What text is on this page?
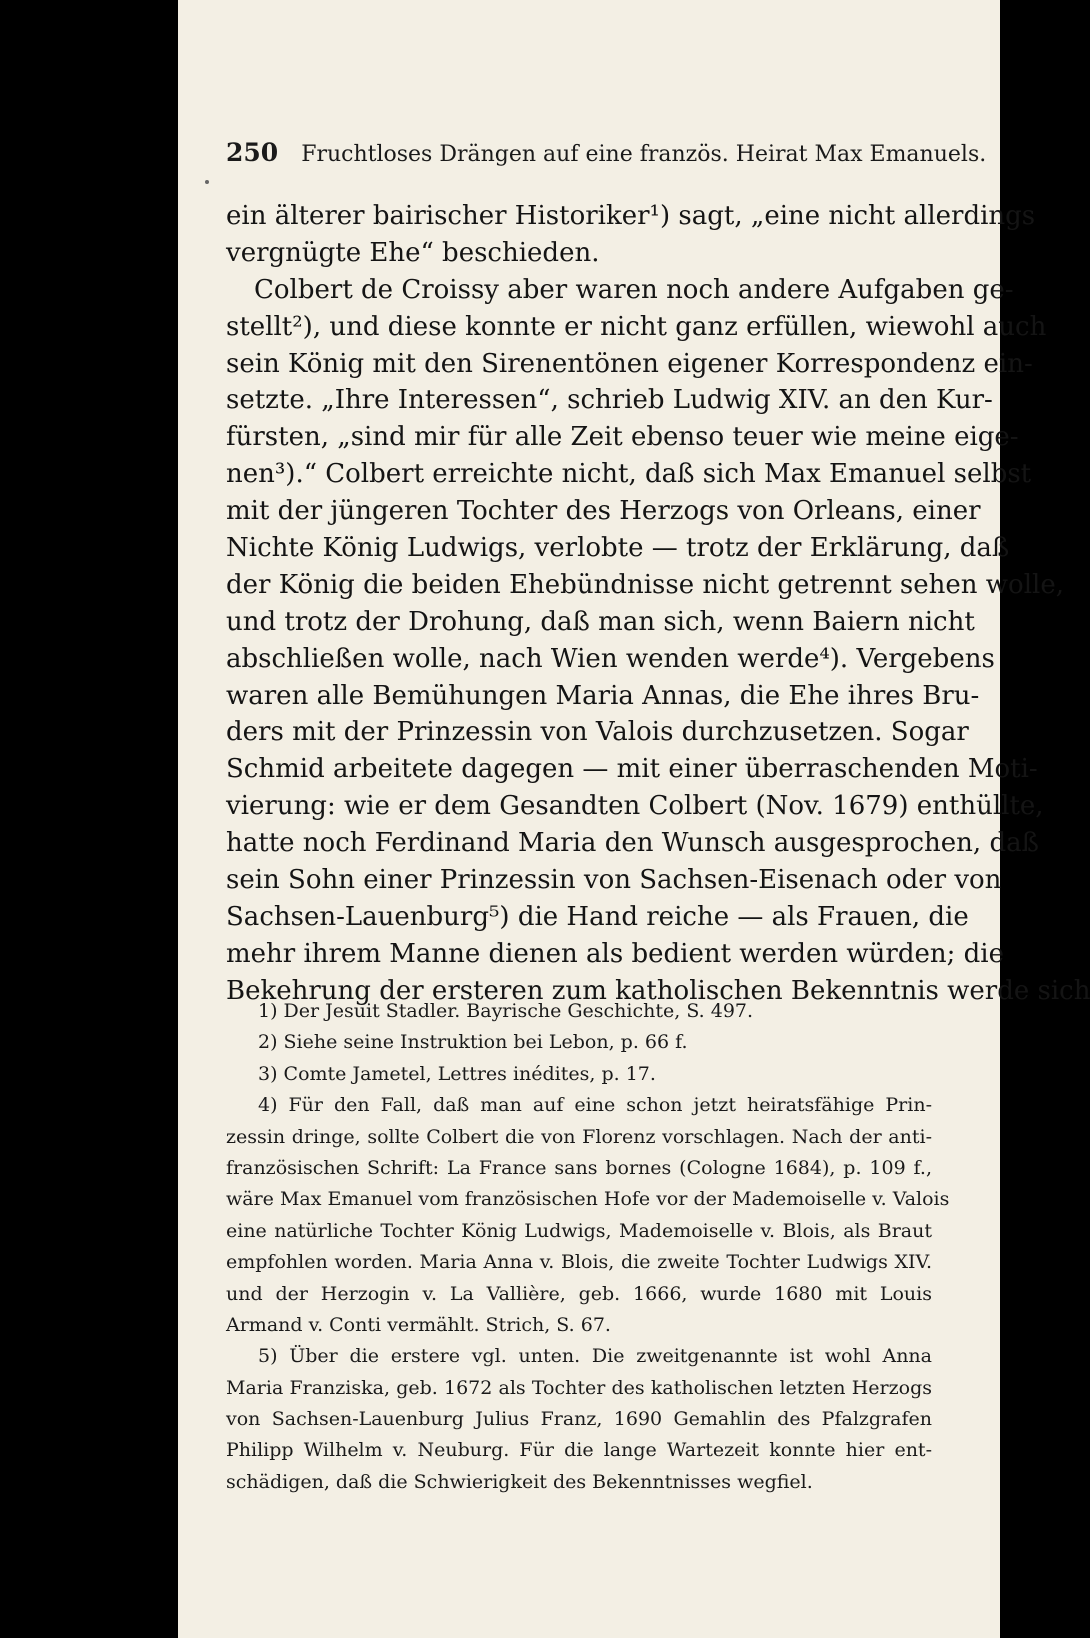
250 Fruchtloses Drängen auf eine französ. Heirat Max Emanuels.
ein älterer bairischer Historiker¹) sagt, „eine nicht allerdings
vergnügte Ehe“ beschieden.
Colbert de Croissy aber waren noch andere Aufgaben ge-
stellt²), und diese konnte er nicht ganz erfüllen, wiewohl auch
sein König mit den Sirenentönen eigener Korrespondenz ein-
setzte. „Ihre Interessen“, schrieb Ludwig XIV. an den Kur-
fürsten, „sind mir für alle Zeit ebenso teuer wie meine eige-
nen³).“ Colbert erreichte nicht, daß sich Max Emanuel selbst
mit der jüngeren Tochter des Herzogs von Orleans, einer
Nichte König Ludwigs, verlobte — trotz der Erklärung, daß
der König die beiden Ehebündnisse nicht getrennt sehen wolle,
und trotz der Drohung, daß man sich, wenn Baiern nicht
abschließen wolle, nach Wien wenden werde⁴). Vergebens
waren alle Bemühungen Maria Annas, die Ehe ihres Bru-
ders mit der Prinzessin von Valois durchzusetzen. Sogar
Schmid arbeitete dagegen — mit einer überraschenden Moti-
vierung: wie er dem Gesandten Colbert (Nov. 1679) enthüllte,
hatte noch Ferdinand Maria den Wunsch ausgesprochen, daß
sein Sohn einer Prinzessin von Sachsen-Eisenach oder von
Sachsen-Lauenburg⁵) die Hand reiche — als Frauen, die
mehr ihrem Manne dienen als bedient werden würden; die
Bekehrung der ersteren zum katholischen Bekenntnis werde sich
1) Der Jesuit Stadler. Bayrische Geschichte, S. 497.
2) Siehe seine Instruktion bei Lebon, p. 66 f.
3) Comte Jametel, Lettres inédites, p. 17.
4) Für den Fall, daß man auf eine schon jetzt heiratsfähige Prin-
zessin dringe, sollte Colbert die von Florenz vorschlagen. Nach der anti-
französischen Schrift: La France sans bornes (Cologne 1684), p. 109 f.,
wäre Max Emanuel vom französischen Hofe vor der Mademoiselle v. Valois
eine natürliche Tochter König Ludwigs, Mademoiselle v. Blois, als Braut
empfohlen worden. Maria Anna v. Blois, die zweite Tochter Ludwigs XIV.
und der Herzogin v. La Vallière, geb. 1666, wurde 1680 mit Louis
Armand v. Conti vermählt. Strich, S. 67.
5) Über die erstere vgl. unten. Die zweitgenannte ist wohl Anna
Maria Franziska, geb. 1672 als Tochter des katholischen letzten Herzogs
von Sachsen-Lauenburg Julius Franz, 1690 Gemahlin des Pfalzgrafen
Philipp Wilhelm v. Neuburg. Für die lange Wartezeit konnte hier ent-
schädigen, daß die Schwierigkeit des Bekenntnisses wegfiel.
